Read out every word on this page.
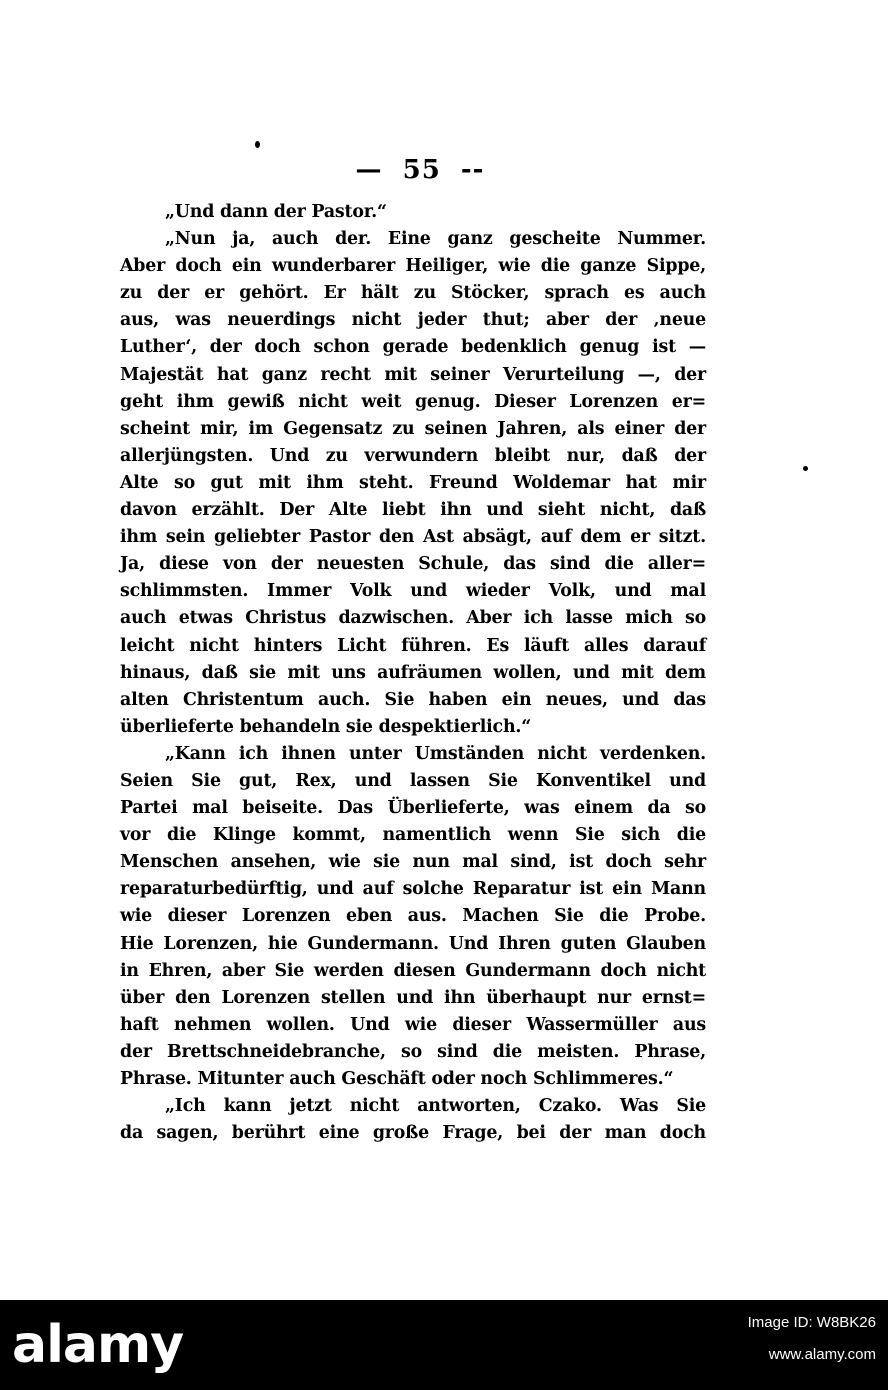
—  55  --
„Und dann der Pastor.“
„Nun ja, auch der. Eine ganz gescheite Nummer.
Aber doch ein wunderbarer Heiliger, wie die ganze Sippe,
zu der er gehört. Er hält zu Stöcker, sprach es auch
aus, was neuerdings nicht jeder thut; aber der ‚neue
Luther‘, der doch schon gerade bedenklich genug ist —
Majestät hat ganz recht mit seiner Verurteilung —, der
geht ihm gewiß nicht weit genug. Dieser Lorenzen er=
scheint mir, im Gegensatz zu seinen Jahren, als einer der
allerjüngsten. Und zu verwundern bleibt nur, daß der
Alte so gut mit ihm steht. Freund Woldemar hat mir
davon erzählt. Der Alte liebt ihn und sieht nicht, daß
ihm sein geliebter Pastor den Ast absägt, auf dem er sitzt.
Ja, diese von der neuesten Schule, das sind die aller=
schlimmsten. Immer Volk und wieder Volk, und mal
auch etwas Christus dazwischen. Aber ich lasse mich so
leicht nicht hinters Licht führen. Es läuft alles darauf
hinaus, daß sie mit uns aufräumen wollen, und mit dem
alten Christentum auch. Sie haben ein neues, und das
überlieferte behandeln sie despektierlich.“
„Kann ich ihnen unter Umständen nicht verdenken.
Seien Sie gut, Rex, und lassen Sie Konventikel und
Partei mal beiseite. Das Überlieferte, was einem da so
vor die Klinge kommt, namentlich wenn Sie sich die
Menschen ansehen, wie sie nun mal sind, ist doch sehr
reparaturbedürftig, und auf solche Reparatur ist ein Mann
wie dieser Lorenzen eben aus. Machen Sie die Probe.
Hie Lorenzen, hie Gundermann. Und Ihren guten Glauben
in Ehren, aber Sie werden diesen Gundermann doch nicht
über den Lorenzen stellen und ihn überhaupt nur ernst=
haft nehmen wollen. Und wie dieser Wassermüller aus
der Brettschneidebranche, so sind die meisten. Phrase,
Phrase. Mitunter auch Geschäft oder noch Schlimmeres.“
„Ich kann jetzt nicht antworten, Czako. Was Sie
da sagen, berührt eine große Frage, bei der man doch
alamy	Image ID: W8BK26
www.alamy.com
